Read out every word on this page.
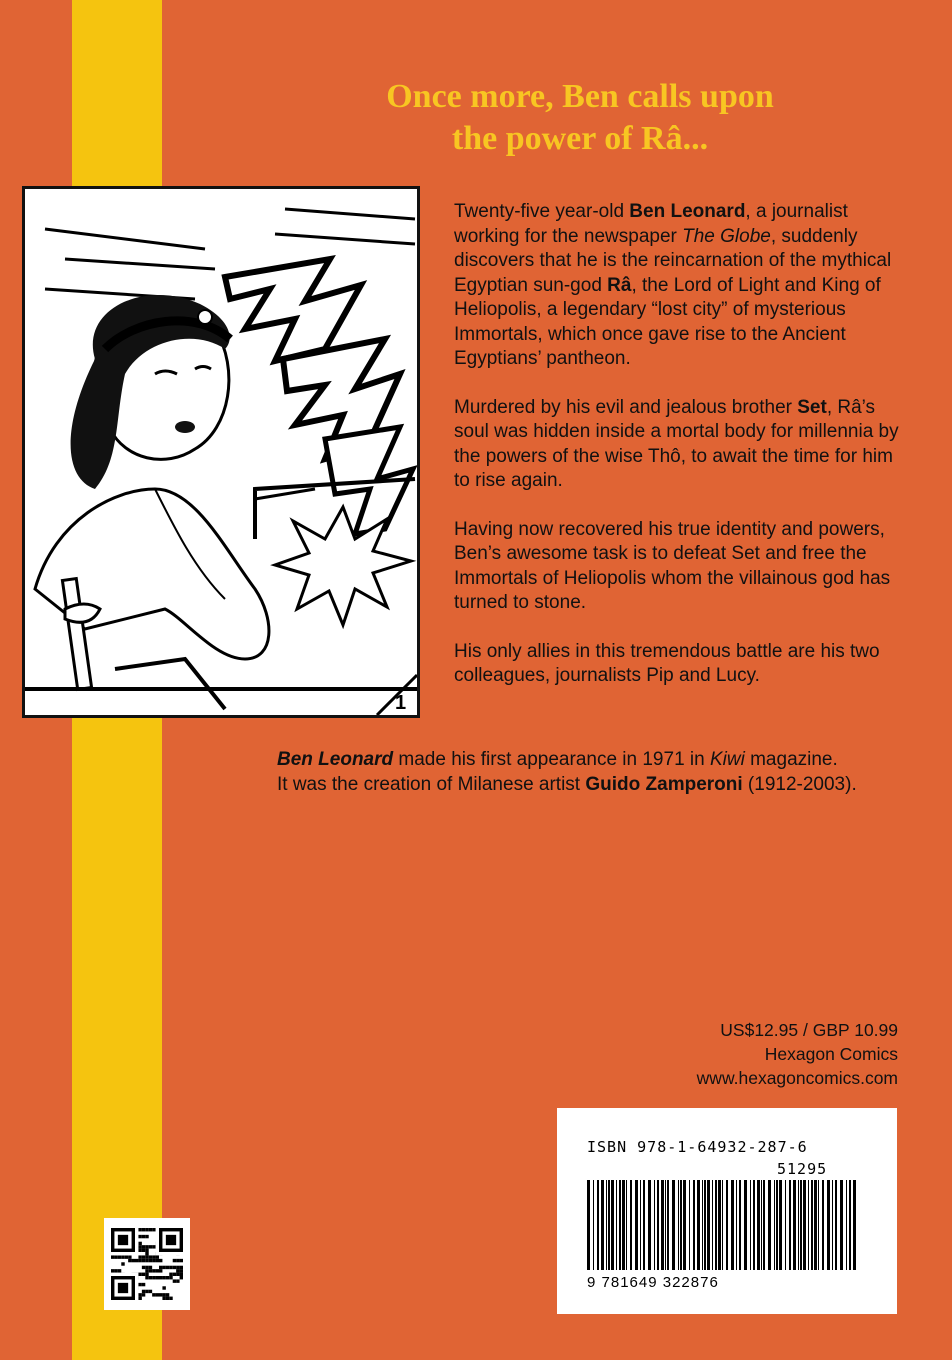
Once more, Ben calls upon
the power of Râ...
1

Twenty-five year-old Ben Leonard, a journalist working for the newspaper The Globe, suddenly discovers that he is the reincarnation of the mythical Egyptian sun-god Râ, the Lord of Light and King of Heliopolis, a legendary “lost city” of mysterious Immortals, which once gave rise to the Ancient Egyptians’ pantheon.

Murdered by his evil and jealous brother Set, Râ’s soul was hidden inside a mortal body for millennia by the powers of the wise Thô, to await the time for him to rise again.

Having now recovered his true identity and powers, Ben’s awesome task is to defeat Set and free the Immortals of Heliopolis whom the villainous god has turned to stone.

His only allies in this tremendous battle are his two colleagues, journalists Pip and Lucy.

Ben Leonard made his first appearance in 1971 in Kiwi magazine.
It was the creation of Milanese artist Guido Zamperoni (1912-2003).
US$12.95 / GBP 10.99
Hexagon Comics
www.hexagoncomics.com
ISBN 978-1-64932-287-6
51295
9 781649 322876
